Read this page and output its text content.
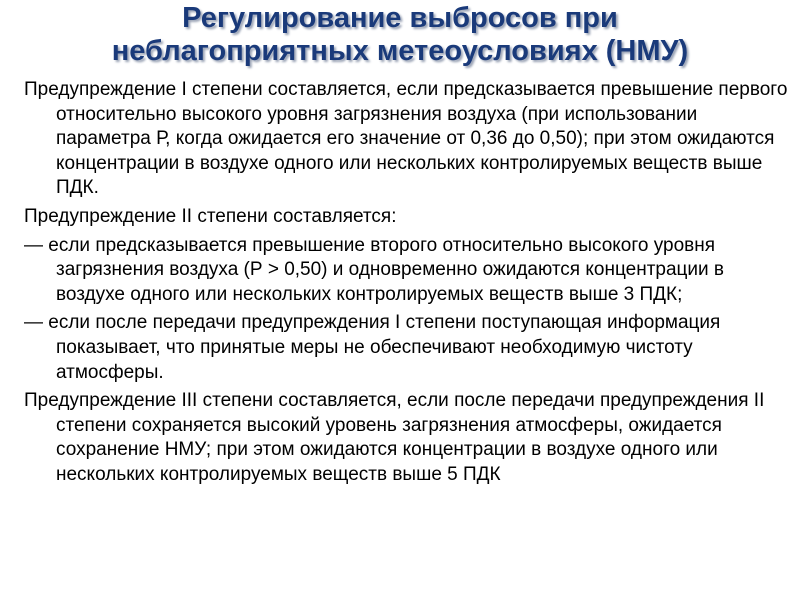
Регулирование выбросов при
неблагоприятных метеоусловиях (НМУ)

Предупреждение I степени составляется, если предсказывается превышение первого относительно высокого уровня загрязнения воздуха (при использовании параметра Р, когда ожидается его значение от 0,36 до 0,50); при этом ожидаются концентрации в воздухе одного или нескольких контролируемых веществ выше ПДК.

Предупреждение II степени составляется:

— если предсказывается превышение второго относительно высокого уровня загрязнения воздуха (Р > 0,50) и одновременно ожидаются концентрации в воздухе одного или нескольких контролируемых веществ выше 3 ПДК;

— если после передачи предупреждения I степени поступающая информация показывает, что принятые меры не обеспечивают необходимую чистоту атмосферы.

Предупреждение III степени составляется, если после передачи предупреждения II степени сохраняется высокий уровень загрязнения атмосферы, ожидается сохранение НМУ; при этом ожидаются концентрации в воздухе одного или нескольких контролируемых веществ выше 5 ПДК
